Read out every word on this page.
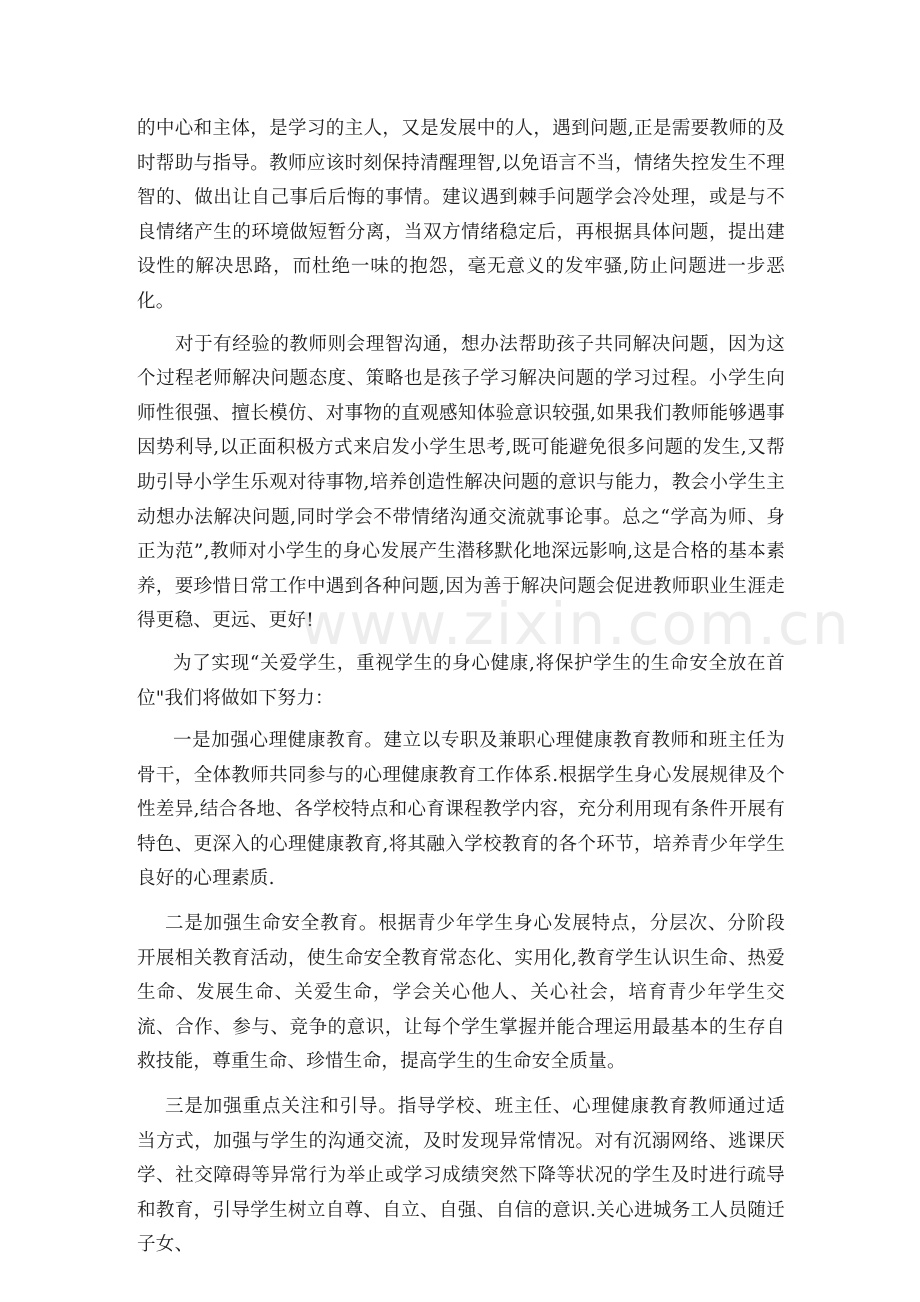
的中心和主体，是学习的主人，又是发展中的人，遇到问题,正是需要教师的及时帮助与指导。教师应该时刻保持清醒理智,以免语言不当，情绪失控发生不理智的、做出让自己事后后悔的事情。建议遇到棘手问题学会冷处理，或是与不良情绪产生的环境做短暂分离，当双方情绪稳定后，再根据具体问题，提出建设性的解决思路，而杜绝一味的抱怨，毫无意义的发牢骚,防止问题进一步恶化。

对于有经验的教师则会理智沟通，想办法帮助孩子共同解决问题，因为这个过程老师解决问题态度、策略也是孩子学习解决问题的学习过程。小学生向师性很强、擅长模仿、对事物的直观感知体验意识较强,如果我们教师能够遇事因势利导,以正面积极方式来启发小学生思考,既可能避免很多问题的发生,又帮助引导小学生乐观对待事物,培养创造性解决问题的意识与能力，教会小学生主动想办法解决问题,同时学会不带情绪沟通交流就事论事。总之“学高为师、身正为范”,教师对小学生的身心发展产生潜移默化地深远影响,这是合格的基本素养，要珍惜日常工作中遇到各种问题,因为善于解决问题会促进教师职业生涯走得更稳、更远、更好!

为了实现“关爱学生，重视学生的身心健康,将保护学生的生命安全放在首位"我们将做如下努力：

一是加强心理健康教育。建立以专职及兼职心理健康教育教师和班主任为骨干，全体教师共同参与的心理健康教育工作体系.根据学生身心发展规律及个性差异,结合各地、各学校特点和心育课程教学内容，充分利用现有条件开展有特色、更深入的心理健康教育,将其融入学校教育的各个环节，培养青少年学生良好的心理素质.

二是加强生命安全教育。根据青少年学生身心发展特点，分层次、分阶段开展相关教育活动，使生命安全教育常态化、实用化,教育学生认识生命、热爱生命、发展生命、关爱生命，学会关心他人、关心社会，培育青少年学生交流、合作、参与、竞争的意识，让每个学生掌握并能合理运用最基本的生存自救技能，尊重生命、珍惜生命，提高学生的生命安全质量。

三是加强重点关注和引导。指导学校、班主任、心理健康教育教师通过适当方式，加强与学生的沟通交流，及时发现异常情况。对有沉溺网络、逃课厌学、社交障碍等异常行为举止或学习成绩突然下降等状况的学生及时进行疏导和教育，引导学生树立自尊、自立、自强、自信的意识.关心进城务工人员随迁子女、

www.zixin.com.cn
